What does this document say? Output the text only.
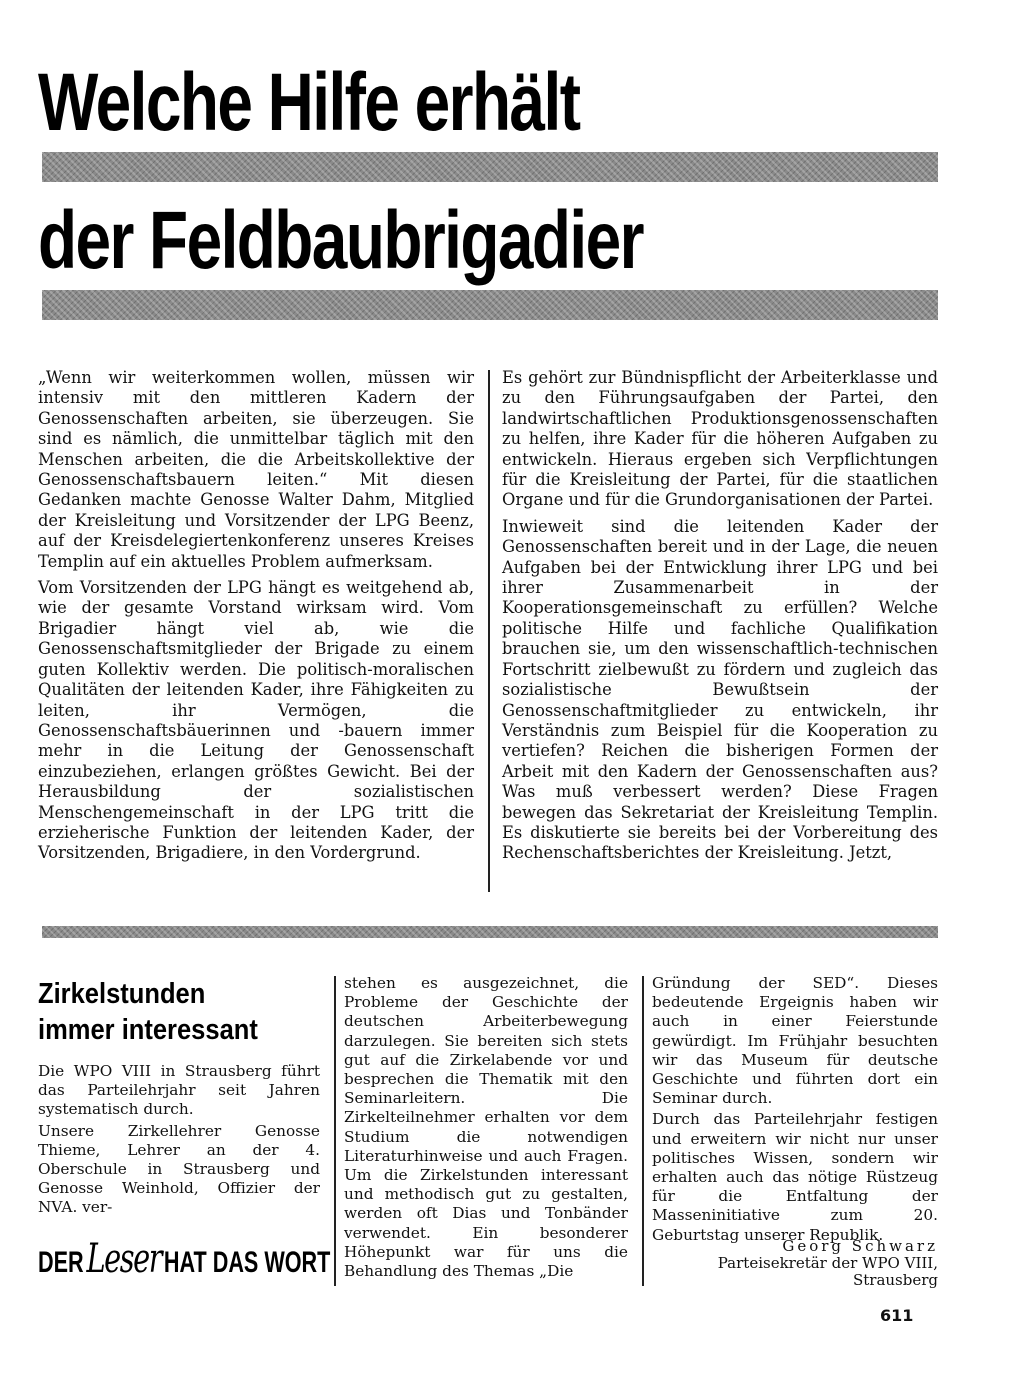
Welche Hilfe erhält
der Feldbaubrigadier

„Wenn wir weiterkommen wollen, müssen wir intensiv mit den mittleren Kadern der Genossenschaften arbeiten, sie überzeugen. Sie sind es nämlich, die unmittelbar täglich mit den Menschen arbeiten, die die Arbeitskollektive der Genossenschaftsbauern leiten.“ Mit diesen Gedanken machte Genosse Walter Dahm, Mitglied der Kreisleitung und Vorsitzender der LPG Beenz, auf der Kreisdelegiertenkonferenz unseres Kreises Templin auf ein aktuelles Problem aufmerksam.

Vom Vorsitzenden der LPG hängt es weitgehend ab, wie der gesamte Vorstand wirksam wird. Vom Brigadier hängt viel ab, wie die Genossenschaftsmitglieder der Brigade zu einem guten Kollektiv werden. Die politisch-moralischen Qualitäten der leitenden Kader, ihre Fähigkeiten zu leiten, ihr Vermögen, die Genossenschaftsbäuerinnen und -bauern immer mehr in die Leitung der Genossenschaft einzubeziehen, erlangen größtes Gewicht. Bei der Herausbildung der sozialistischen Menschengemeinschaft in der LPG tritt die erzieherische Funktion der leitenden Kader, der Vorsitzenden, Brigadiere, in den Vordergrund.

Es gehört zur Bündnispflicht der Arbeiterklasse und zu den Führungsaufgaben der Partei, den landwirtschaftlichen Produktionsgenossenschaften zu helfen, ihre Kader für die höheren Aufgaben zu entwickeln. Hieraus ergeben sich Verpflichtungen für die Kreisleitung der Partei, für die staatlichen Organe und für die Grundorganisationen der Partei.

Inwieweit sind die leitenden Kader der Genossenschaften bereit und in der Lage, die neuen Aufgaben bei der Entwicklung ihrer LPG und bei ihrer Zusammenarbeit in der Kooperationsgemeinschaft zu erfüllen? Welche politische Hilfe und fachliche Qualifikation brauchen sie, um den wissenschaftlich-technischen Fortschritt zielbewußt zu fördern und zugleich das sozialistische Bewußtsein der Genossenschaftmitglieder zu entwickeln, ihr Verständnis zum Beispiel für die Kooperation zu vertiefen? Reichen die bisherigen Formen der Arbeit mit den Kadern der Genossenschaften aus? Was muß verbessert werden? Diese Fragen bewegen das Sekretariat der Kreisleitung Templin. Es diskutierte sie bereits bei der Vorbereitung des Rechenschaftsberichtes der Kreisleitung. Jetzt,

Zirkelstunden
immer interessant

Die WPO VIII in Strausberg führt das Parteilehrjahr seit Jahren systematisch durch.

Unsere Zirkellehrer Genosse Thieme, Lehrer an der 4. Oberschule in Strausberg und Genosse Weinhold, Offizier der NVA. ver-

DERLeserHAT DAS WORT

stehen es ausgezeichnet, die Probleme der Geschichte der deutschen Arbeiterbewegung darzulegen. Sie bereiten sich stets gut auf die Zirkelabende vor und besprechen die Thematik mit den Seminarleitern. Die Zirkelteilnehmer erhalten vor dem Studium die notwendigen Literaturhinweise und auch Fragen. Um die Zirkelstunden interessant und methodisch gut zu gestalten, werden oft Dias und Tonbänder verwendet. Ein besonderer Höhepunkt war für uns die Behandlung des Themas „Die

Gründung der SED“. Dieses bedeutende Ergeignis haben wir auch in einer Feierstunde gewürdigt. Im Frühjahr besuchten wir das Museum für deutsche Geschichte und führten dort ein Seminar durch.

Durch das Parteilehrjahr festigen und erweitern wir nicht nur unser politisches Wissen, sondern wir erhalten auch das nötige Rüstzeug für die Entfaltung der Masseninitiative zum 20. Geburtstag unserer Republik.

Georg Schwarz
Parteisekretär der WPO VIII,
Strausberg
611
